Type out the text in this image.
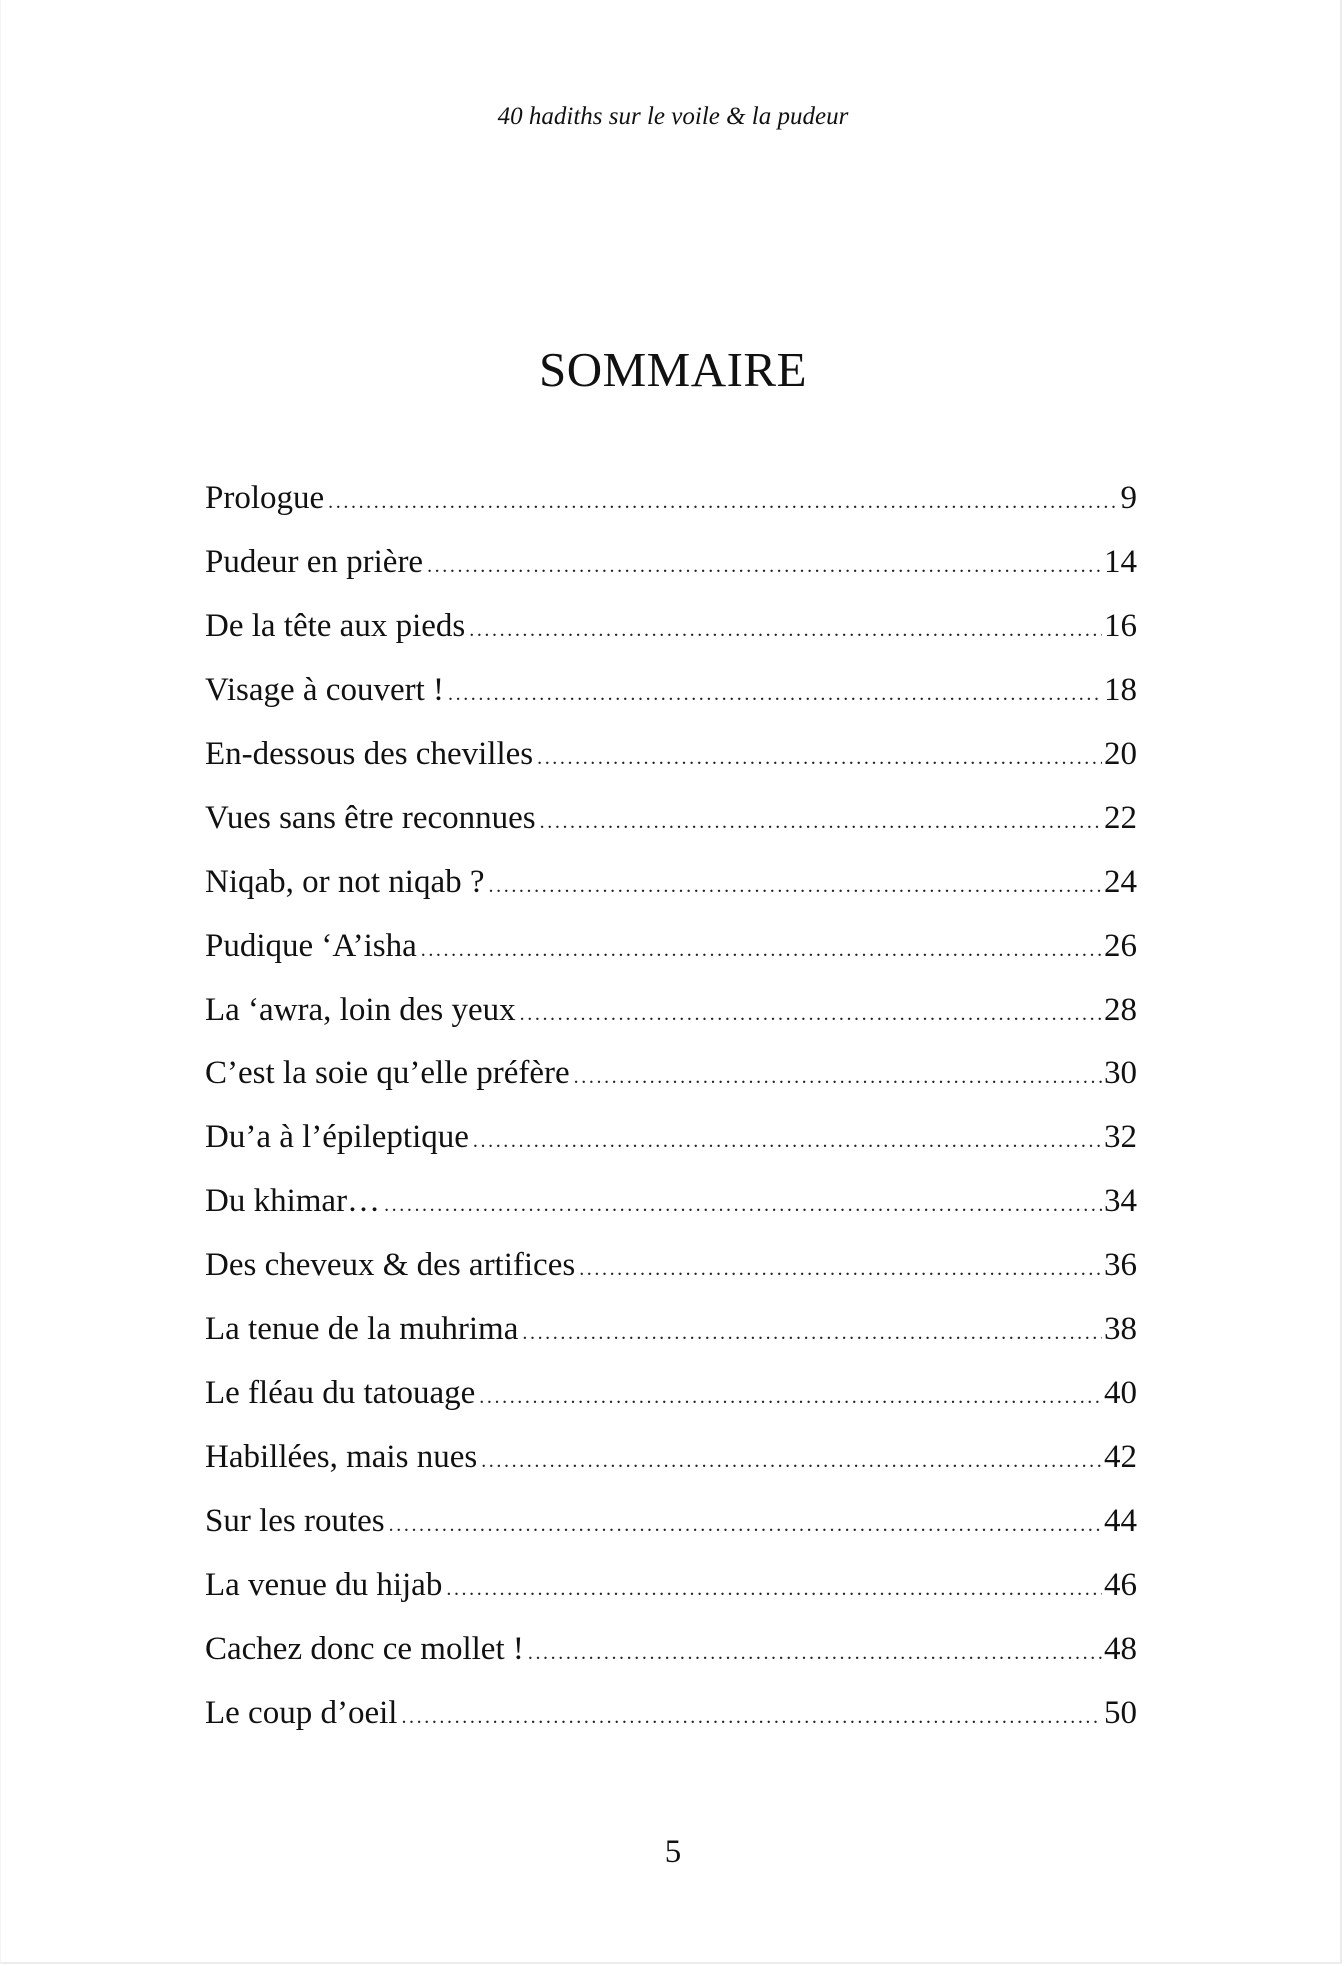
40 hadiths sur le voile & la pudeur
SOMMAIRE
Prologue .....	9
Pudeur en prière .....	14
De la tête aux pieds .....	16
Visage à couvert ! .....	18
En-dessous des chevilles .....	20
Vues sans être reconnues .....	22
Niqab, or not niqab ? .....	24
Pudique ‘A’isha .....	26
La ‘awra, loin des yeux .....	28
C’est la soie qu’elle préfère .....	30
Du’a à l’épileptique .....	32
Du khimar… .....	34
Des cheveux & des artifices .....	36
La tenue de la muhrima .....	38
Le fléau du tatouage .....	40
Habillées, mais nues .....	42
Sur les routes .....	44
La venue du hijab .....	46
Cachez donc ce mollet ! .....	48
Le coup d’oeil .....	50
5
